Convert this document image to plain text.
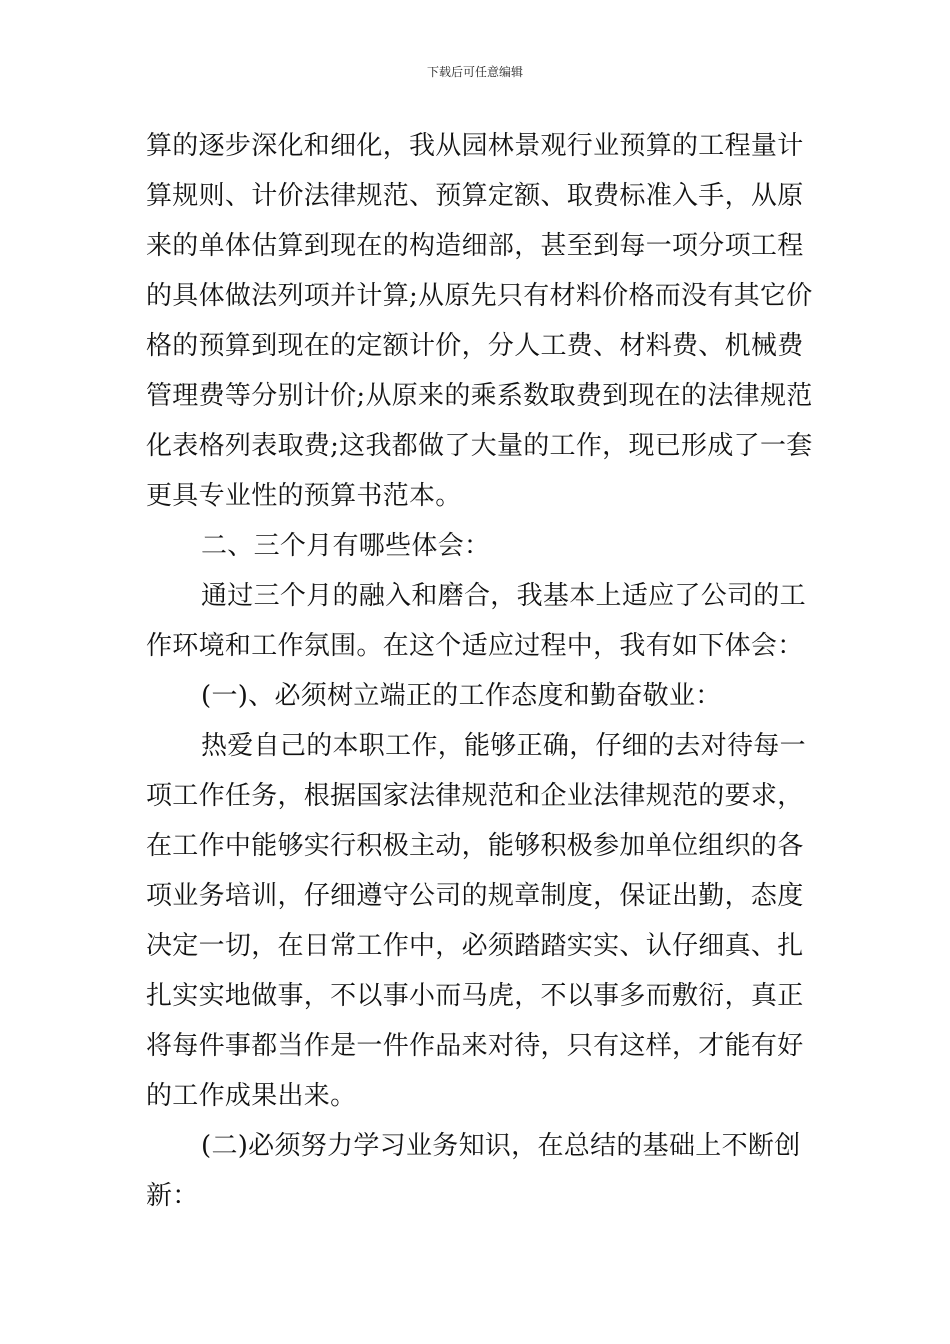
下载后可任意编辑
算的逐步深化和细化，我从园林景观行业预算的工程量计
算规则、计价法律规范、预算定额、取费标准入手，从原
来的单体估算到现在的构造细部，甚至到每一项分项工程
的具体做法列项并计算;从原先只有材料价格而没有其它价
格的预算到现在的定额计价，分人工费、材料费、机械费
管理费等分别计价;从原来的乘系数取费到现在的法律规范
化表格列表取费;这我都做了大量的工作，现已形成了一套
更具专业性的预算书范本。
二、三个月有哪些体会：
通过三个月的融入和磨合，我基本上适应了公司的工
作环境和工作氛围。在这个适应过程中，我有如下体会：
(一)、必须树立端正的工作态度和勤奋敬业：
热爱自己的本职工作，能够正确，仔细的去对待每一
项工作任务，根据国家法律规范和企业法律规范的要求，
在工作中能够实行积极主动，能够积极参加单位组织的各
项业务培训，仔细遵守公司的规章制度，保证出勤，态度
决定一切，在日常工作中，必须踏踏实实、认仔细真、扎
扎实实地做事，不以事小而马虎，不以事多而敷衍，真正
将每件事都当作是一件作品来对待，只有这样，才能有好
的工作成果出来。
(二)必须努力学习业务知识，在总结的基础上不断创
新：
